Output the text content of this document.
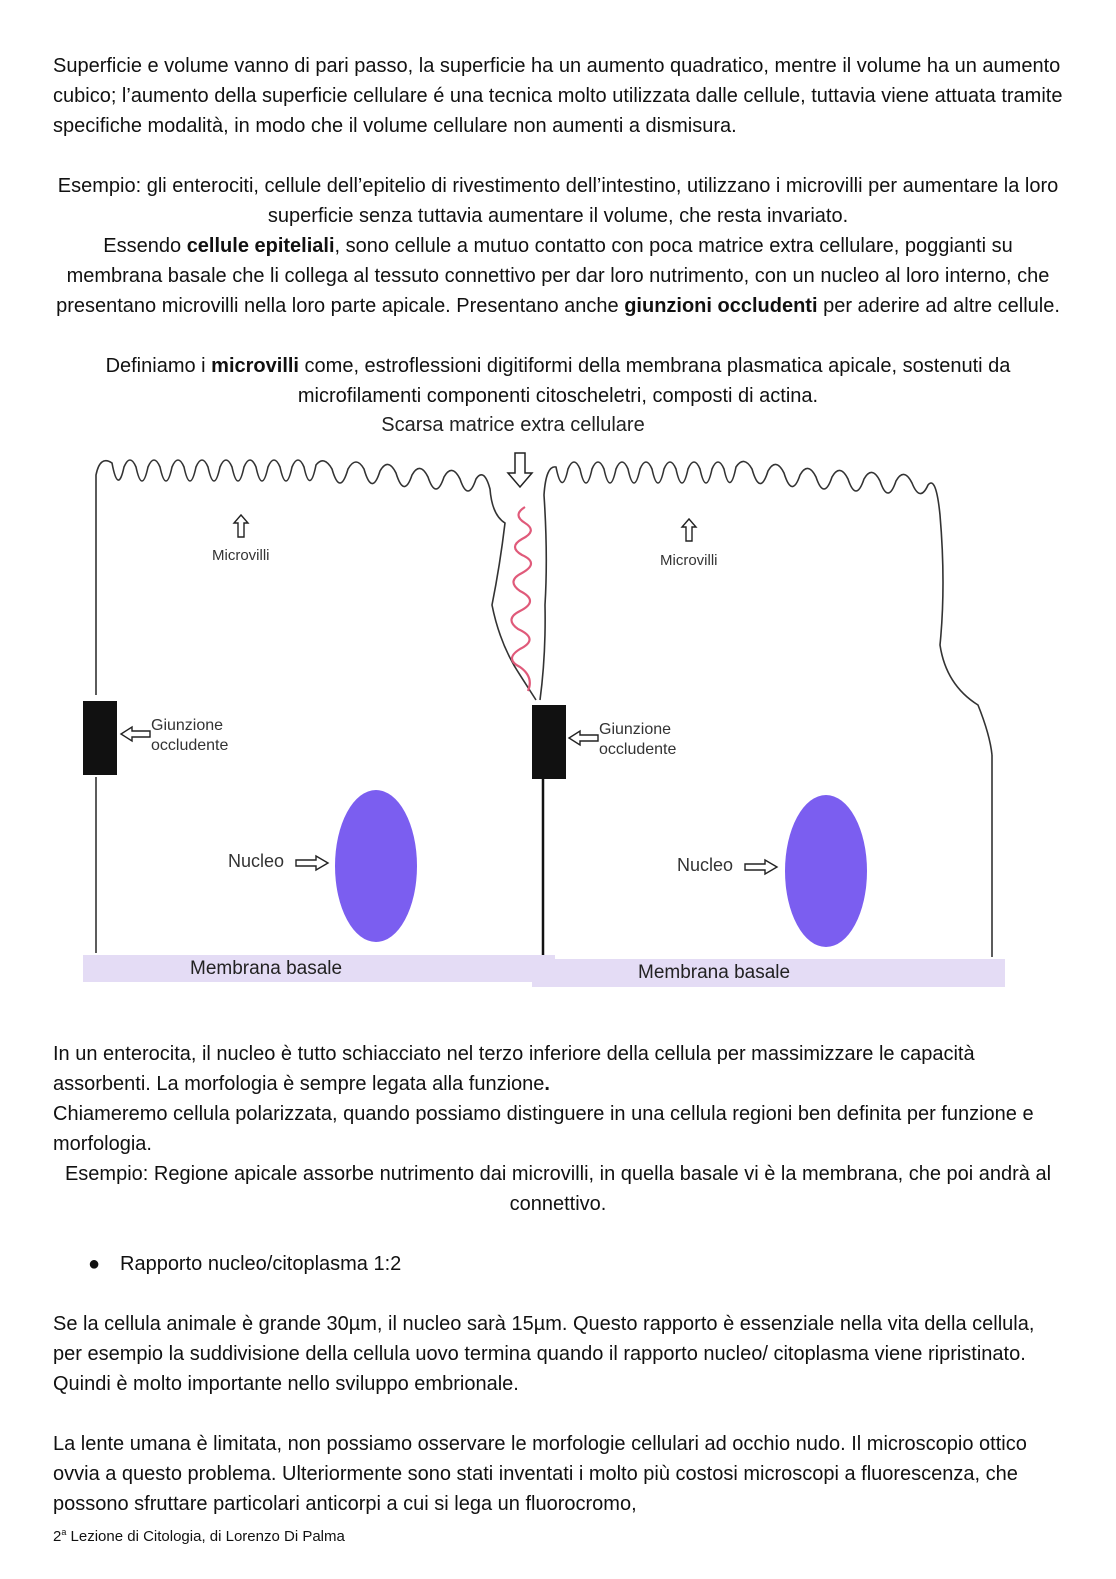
Superficie e volume vanno di pari passo, la superficie ha un aumento quadratico, mentre il volume ha un aumento cubico; l’aumento della superficie cellulare é una tecnica molto utilizzata dalle cellule, tuttavia viene attuata tramite specifiche modalità, in modo che il volume cellulare non aumenti a dismisura.

Esempio: gli enterociti, cellule dell’epitelio di rivestimento dell’intestino, utilizzano i microvilli per aumentare la loro superficie senza tuttavia aumentare il volume, che resta invariato.

Essendo cellule epiteliali, sono cellule a mutuo contatto con poca matrice extra cellulare, poggianti su membrana basale che li collega al tessuto connettivo per dar loro nutrimento, con un nucleo al loro interno, che presentano microvilli nella loro parte apicale. Presentano anche giunzioni occludenti per aderire ad altre cellule.

Definiamo i microvilli come, estroflessioni digitiformi della membrana plasmatica apicale, sostenuti da microfilamenti componenti citoscheletri, composti di actina.

Scarsa matrice extra cellulare
Microvilli
Giunzione
occludente
Nucleo
Microvilli
Giunzione
occludente
Nucleo
Membrana basale	Membrana basale

In un enterocita, il nucleo è tutto schiacciato nel terzo inferiore della cellula per massimizzare le capacità assorbenti. La morfologia è sempre legata alla funzione.

Chiameremo cellula polarizzata, quando possiamo distinguere in una cellula regioni ben definita per funzione e morfologia.

Esempio: Regione apicale assorbe nutrimento dai microvilli, in quella basale vi è la membrana, che poi andrà al connettivo.

● Rapporto nucleo/citoplasma 1:2

Se la cellula animale è grande 30µm, il nucleo sarà 15µm. Questo rapporto è essenziale nella vita della cellula, per esempio la suddivisione della cellula uovo termina quando il rapporto nucleo/ citoplasma viene ripristinato. Quindi è molto importante nello sviluppo embrionale.

La lente umana è limitata, non possiamo osservare le morfologie cellulari ad occhio nudo. Il microscopio ottico ovvia a questo problema. Ulteriormente sono stati inventati i molto più costosi microscopi a fluorescenza, che possono sfruttare particolari anticorpi a cui si lega un fluorocromo,

2$^a$ Lezione di Citologia, di Lorenzo Di Palma
